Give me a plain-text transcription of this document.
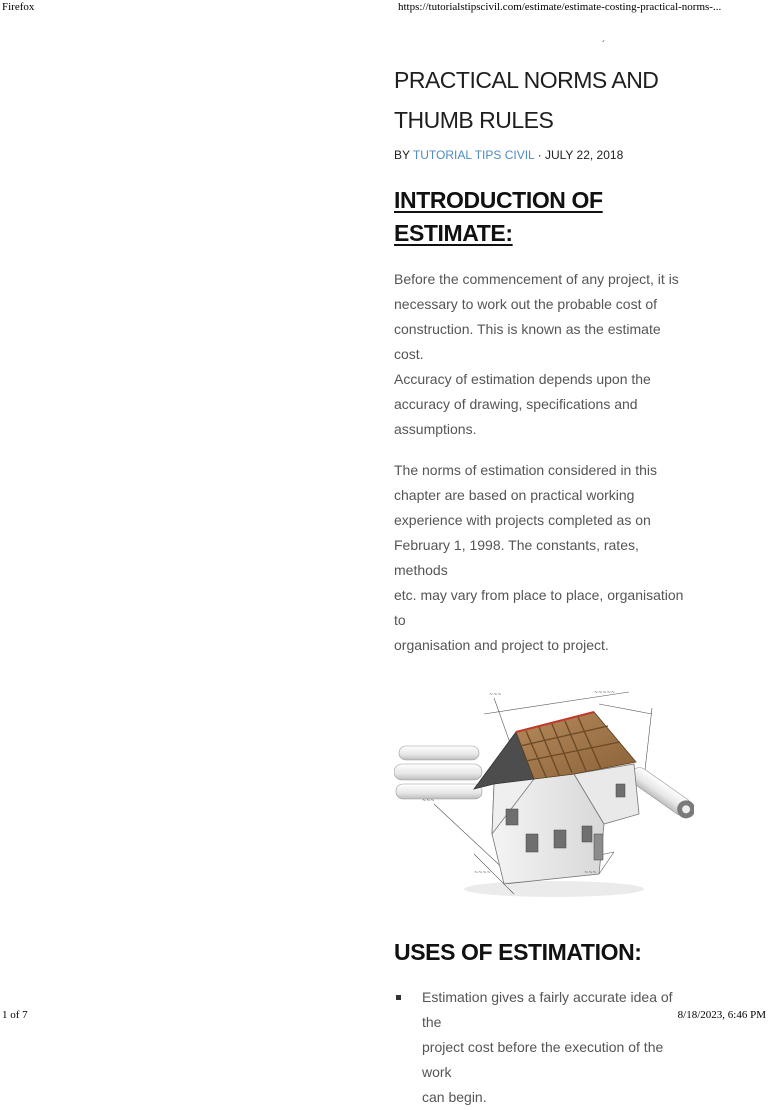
Firefox	https://tutorialstipscivil.com/estimate/estimate-costing-practical-norms-...
´
PRACTICAL NORMS AND
THUMB RULES
BY TUTORIAL TIPS CIVIL · JULY 22, 2018
INTRODUCTION OF
ESTIMATE:

Before the commencement of any project, it is
necessary to work out the probable cost of
construction. This is known as the estimate cost.
Accuracy of estimation depends upon the
accuracy of drawing, specifications and
assumptions.

The norms of estimation considered in this
chapter are based on practical working
experience with projects completed as on
February 1, 1998. The constants, rates, methods
etc. may vary from place to place, organisation to
organisation and project to project.

~~~	~~~~~
~~~
~~~~	~~~
USES OF ESTIMATION:
Estimation gives a fairly accurate idea of the
project cost before the execution of the work
can begin.
1 of 7	8/18/2023, 6:46 PM
